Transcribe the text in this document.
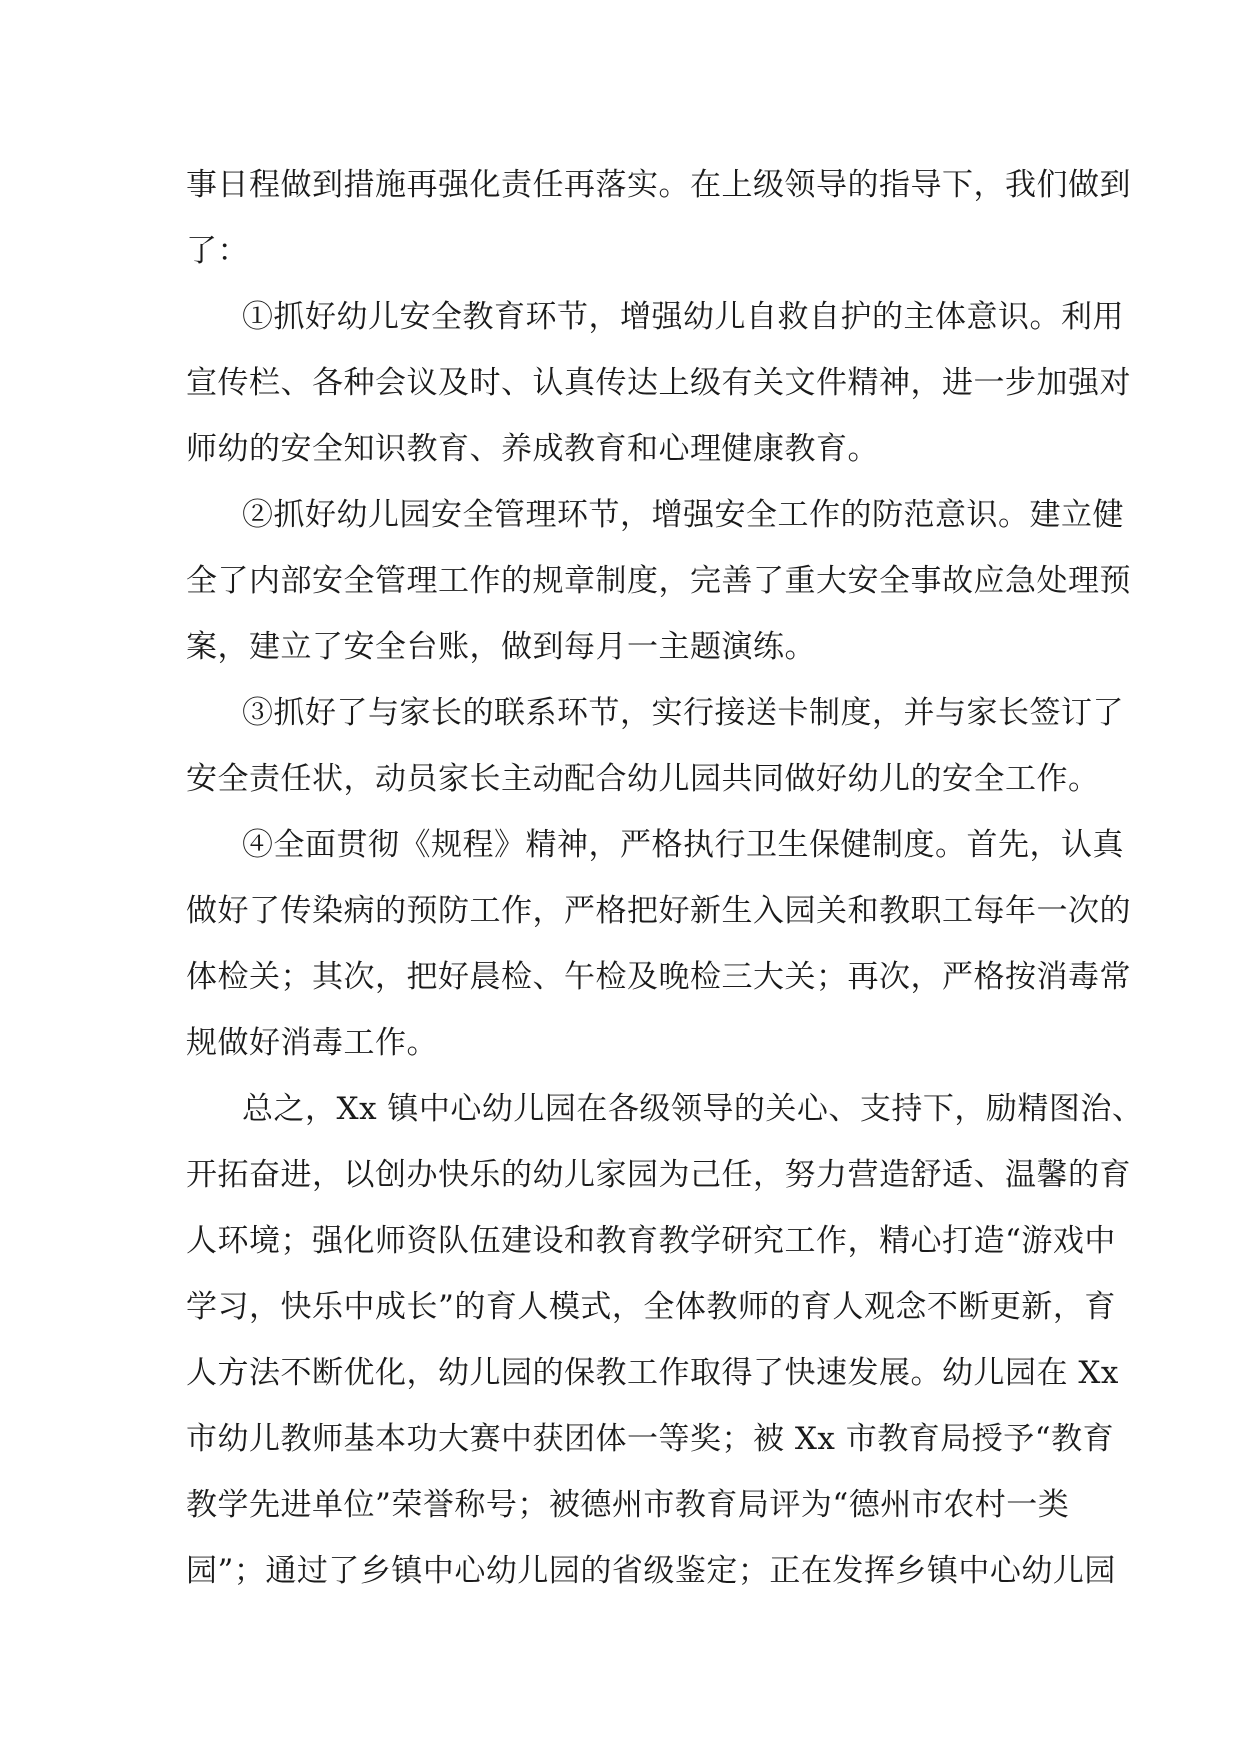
事日程做到措施再强化责任再落实。在上级领导的指导下，我们做到
了：
①抓好幼儿安全教育环节，增强幼儿自救自护的主体意识。利用
宣传栏、各种会议及时、认真传达上级有关文件精神，进一步加强对
师幼的安全知识教育、养成教育和心理健康教育。
②抓好幼儿园安全管理环节，增强安全工作的防范意识。建立健
全了内部安全管理工作的规章制度，完善了重大安全事故应急处理预
案，建立了安全台账，做到每月一主题演练。
③抓好了与家长的联系环节，实行接送卡制度，并与家长签订了
安全责任状，动员家长主动配合幼儿园共同做好幼儿的安全工作。
④全面贯彻《规程》精神，严格执行卫生保健制度。首先，认真
做好了传染病的预防工作，严格把好新生入园关和教职工每年一次的
体检关；其次，把好晨检、午检及晚检三大关；再次，严格按消毒常
规做好消毒工作。
总之，Xx 镇中心幼儿园在各级领导的关心、支持下，励精图治、
开拓奋进，以创办快乐的幼儿家园为己任，努力营造舒适、温馨的育
人环境；强化师资队伍建设和教育教学研究工作，精心打造“游戏中
学习，快乐中成长”的育人模式，全体教师的育人观念不断更新，育
人方法不断优化，幼儿园的保教工作取得了快速发展。幼儿园在 Xx
市幼儿教师基本功大赛中获团体一等奖；被 Xx 市教育局授予“教育
教学先进单位”荣誉称号；被德州市教育局评为“德州市农村一类
园”；通过了乡镇中心幼儿园的省级鉴定；正在发挥乡镇中心幼儿园
